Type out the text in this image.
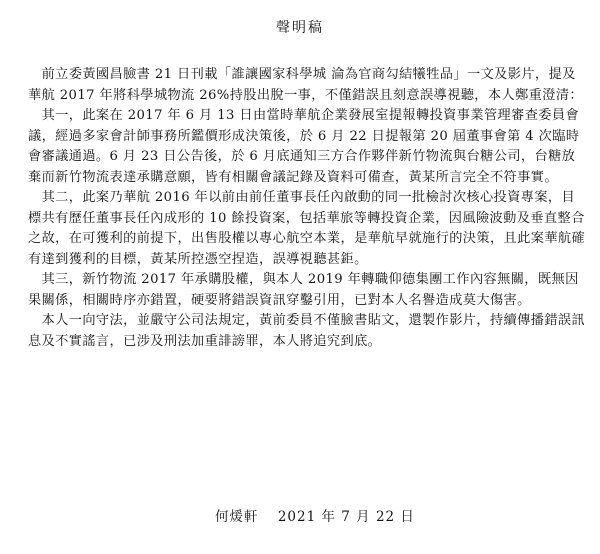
聲明稿

　前立委黃國昌臉書 21 日刊載「誰讓國家科學城 淪為官商勾結犧牲品」一文及影片，提及華航 2017 年將科學城物流 26%持股出脫一事，不僅錯誤且刻意誤導視聽，本人鄭重澄清：

　其一，此案在 2017 年 6 月 13 日由當時華航企業發展室提報轉投資事業管理審查委員會議，經過多家會計師事務所鑑價形成決策後，於 6 月 22 日提報第 20 屆董事會第 4 次臨時會審議通過。6 月 23 日公告後，於 6 月底通知三方合作夥伴新竹物流與台糖公司，台糖放棄而新竹物流表達承購意願，皆有相關會議記錄及資料可備查，黃某所言完全不符事實。

　其二，此案乃華航 2016 年以前由前任董事長任內啟動的同一批檢討次核心投資專案，目標共有歷任董事長任內成形的 10 餘投資案，包括華旅等轉投資企業，因風險波動及垂直整合之故，在可獲利的前提下，出售股權以專心航空本業，是華航早就施行的決策，且此案華航確有達到獲利的目標，黃某所控憑空捏造，誤導視聽甚鉅。

　其三，新竹物流 2017 年承購股權，與本人 2019 年轉職仰德集團工作內容無關，既無因果關係，相關時序亦錯置，硬要將錯誤資訊穿鑿引用，已對本人名譽造成莫大傷害。

　本人一向守法，並嚴守公司法規定，黃前委員不僅臉書貼文，還製作影片，持續傳播錯誤訊息及不實謠言，已涉及刑法加重誹謗罪，本人將追究到底。

何煖軒 2021 年 7 月 22 日
